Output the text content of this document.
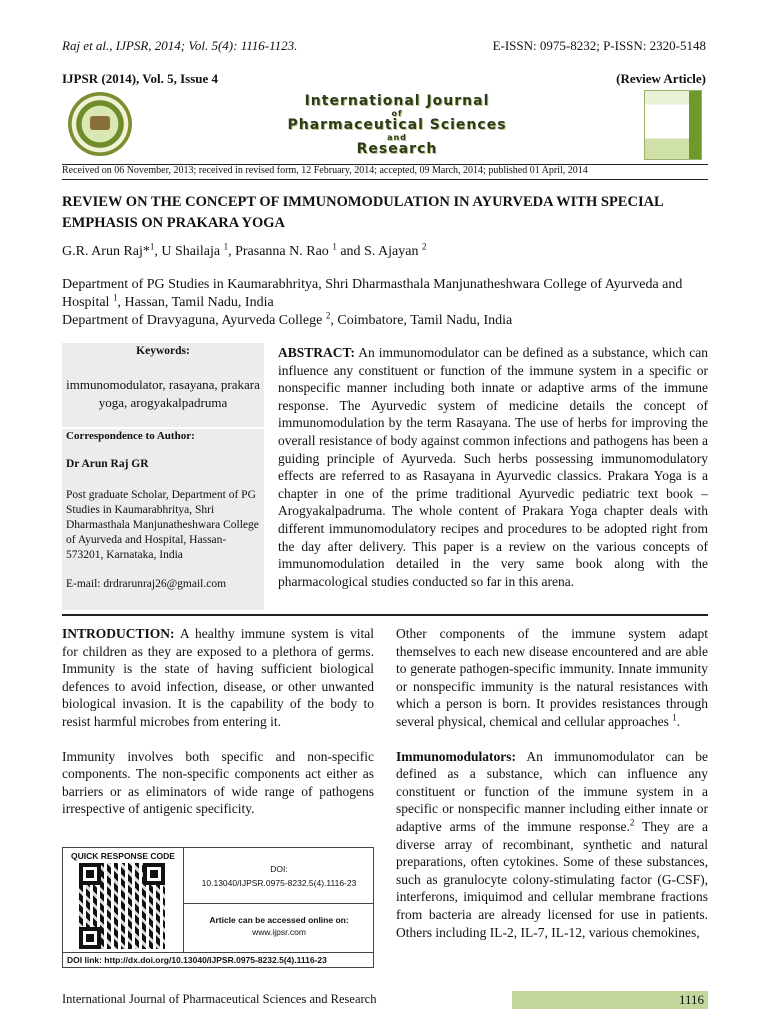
Raj et al., IJPSR, 2014; Vol. 5(4): 1116-1123.	E-ISSN: 0975-8232; P-ISSN: 2320-5148
IJPSR (2014), Vol. 5, Issue 4	(Review Article)
International Journal
of
Pharmaceutical Sciences
and
Research
Received on 06 November, 2013; received in revised form, 12 February, 2014; accepted, 09 March, 2014; published 01 April, 2014
REVIEW ON THE CONCEPT OF IMMUNOMODULATION IN AYURVEDA WITH SPECIAL EMPHASIS ON PRAKARA YOGA
G.R. Arun Raj*$^1$, U Shailaja $^1$, Prasanna N. Rao $^1$ and S. Ajayan $^2$
Department of PG Studies in Kaumarabhritya, Shri Dharmasthala Manjunatheshwara College of Ayurveda and Hospital $^1$, Hassan, Tamil Nadu, India
Department of Dravyaguna, Ayurveda College $^2$, Coimbatore, Tamil Nadu, India
Keywords:
immunomodulator, rasayana, prakara yoga, arogyakalpadruma
Correspondence to Author:
Dr Arun Raj GR
Post graduate Scholar, Department of PG Studies in Kaumarabhritya, Shri Dharmasthala Manjunatheshwara College of Ayurveda and Hospital, Hassan-573201, Karnataka, India
E-mail: drdrarunraj26@gmail.com
ABSTRACT: An immunomodulator can be defined as a substance, which can influence any constituent or function of the immune system in a specific or nonspecific manner including both innate or adaptive arms of the immune response. The Ayurvedic system of medicine details the concept of immunomodulation by the term Rasayana. The use of herbs for improving the overall resistance of body against common infections and pathogens has been a guiding principle of Ayurveda. Such herbs possessing immunomodulatory effects are referred to as Rasayana in Ayurvedic classics. Prakara Yoga is a chapter in one of the prime traditional Ayurvedic pediatric text book – Arogyakalpadruma. The whole content of Prakara Yoga chapter deals with different immunomodulatory recipes and procedures to be adopted right from the day after delivery. This paper is a review on the various concepts of immunomodulation detailed in the very same book along with the pharmacological studies conducted so far in this arena.

INTRODUCTION: A healthy immune system is vital for children as they are exposed to a plethora of germs. Immunity is the state of having sufficient biological defences to avoid infection, disease, or other unwanted biological invasion. It is the capability of the body to resist harmful microbes from entering it.

Immunity involves both specific and non-specific components. The non-specific components act either as barriers or as eliminators of wide range of pathogens irrespective of antigenic specificity.

QUICK RESPONSE CODE
DOI:
10.13040/IJPSR.0975-8232.5(4).1116-23
Article can be accessed online on:
www.ijpsr.com
DOI link: http://dx.doi.org/10.13040/IJPSR.0975-8232.5(4).1116-23

Other components of the immune system adapt themselves to each new disease encountered and are able to generate pathogen-specific immunity. Innate immunity or nonspecific immunity is the natural resistances with which a person is born. It provides resistances through several physical, chemical and cellular approaches $^1$.

Immunomodulators: An immunomodulator can be defined as a substance, which can influence any constituent or function of the immune system in a specific or nonspecific manner including either innate or adaptive arms of the immune response.$^2$ They are a diverse array of recombinant, synthetic and natural preparations, often cytokines. Some of these substances, such as granulocyte colony-stimulating factor (G-CSF), interferons, imiquimod and cellular membrane fractions from bacteria are already licensed for use in patients. Others including IL-2, IL-7, IL-12, various chemokines,

International Journal of Pharmaceutical Sciences and Research	1116
